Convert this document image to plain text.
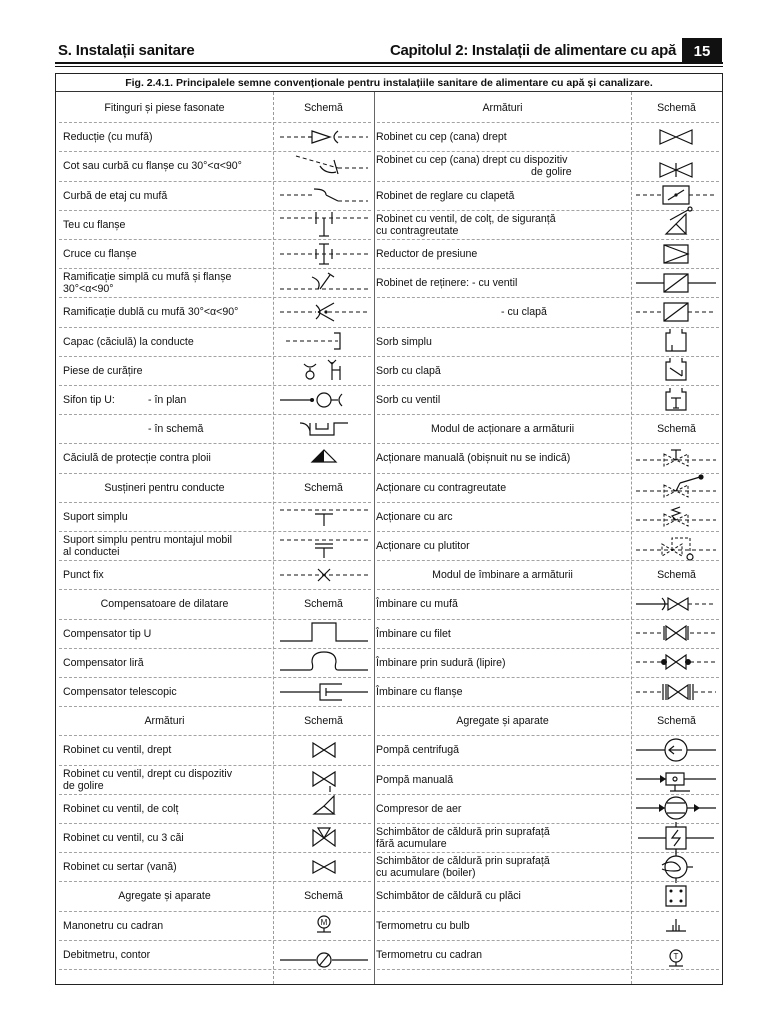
S. Instalații sanitare	Capitolul 2: Instalații de alimentare cu apă	15
Fig. 2.4.1. Principalele semne convenționale pentru instalațiile sanitare de alimentare cu apă și canalizare.
Fitinguri și piese fasonate	Schemă
Reducție (cu mufă)
Cot sau curbă cu flanșe cu 30°<α<90°
Curbă de etaj cu mufă
Teu cu flanșe
Cruce cu flanșe
Ramificație simplă cu mufă și flanșe
30°<α<90°
Ramificație dublă cu mufă 30°<α<90°
Capac (căciulă) la conducte
Piese de curățire
Sifon tip U:	- în plan
- în schemă
Căciulă de protecție contra ploii
Susțineri pentru conducte	Schemă
Suport simplu
Suport simplu pentru montajul mobil
al conductei
Punct fix
Compensatoare de dilatare	Schemă
Compensator tip U
Compensator liră
Compensator telescopic
Armături	Schemă
Robinet cu ventil, drept
Robinet cu ventil, drept cu dispozitiv
de golire
Robinet cu ventil, de colț
Robinet cu ventil, cu 3 căi
Robinet cu sertar (vană)
Agregate și aparate	Schemă
Manonetru cu cadran	M
Debitmetru, contor
Armături	Schemă
Robinet cu cep (cana) drept
Robinet cu cep (cana) drept cu dispozitiv
de golire
Robinet de reglare cu clapetă
Robinet cu ventil, de colț, de siguranță
cu contragreutate
Reductor de presiune
Robinet de reținere: - cu ventil
- cu clapă
Sorb simplu
Sorb cu clapă
Sorb cu ventil
Modul de acționare a armăturii	Schemă
Acționare manuală (obișnuit nu se indică)
Acționare cu contragreutate
Acționare cu arc
Acționare cu plutitor
Modul de îmbinare a armăturii	Schemă
Îmbinare cu mufă
Îmbinare cu filet
Îmbinare prin sudură (lipire)
Îmbinare cu flanșe
Agregate și aparate	Schemă
Pompă centrifugă
Pompă manuală
Compresor de aer
Schimbător de căldură prin suprafață
fără acumulare
Schimbător de căldură prin suprafață
cu acumulare (boiler)
Schimbător de căldură cu plăci
Termometru cu bulb
Termometru cu cadran	T
